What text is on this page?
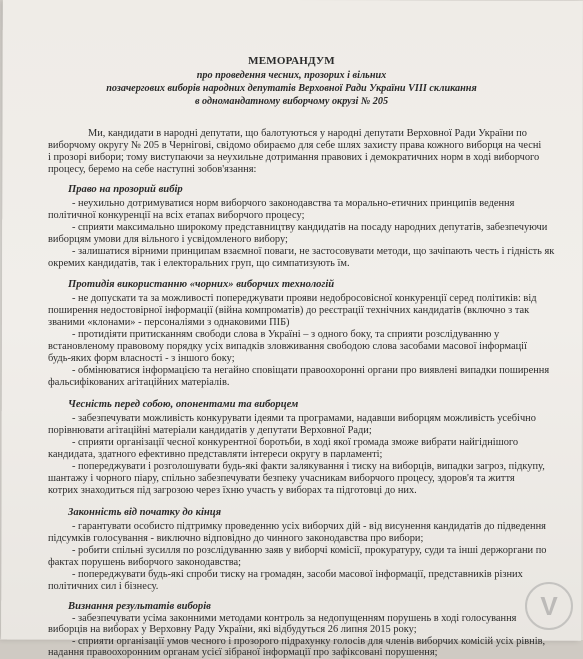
МЕМОРАНДУМ
про проведення чесних, прозорих і вільних
позачергових виборів народних депутатів Верховної Ради України VIII скликання
в одномандатному виборчому окрузі № 205
Ми, кандидати в народні депутати, що балотуються у народні депутати Верховної Ради України по
виборчому округу № 205 в Чернігові, свідомо обираємо для себе шлях захисту права кожного виборця на чесні
і прозорі вибори; тому виступаючи за неухильне дотримання правових і демократичних норм в ході виборчого
процесу, беремо на себе наступні зобов'язання:
Право на прозорий вибір
- неухильно дотримуватися норм виборчого законодавства та морально-етичних принципів ведення
політичної конкуренції на всіх етапах виборчого процесу;
- сприяти максимально широкому представництву кандидатів на посаду народних депутатів, забезпечуючи
виборцям умови для вільного і усвідомленого вибору;
- залишатися вірними принципам взаємної поваги, не застосовувати методи, що зачіпають честь і гідність як
окремих кандидатів, так і електоральних груп, що симпатизують їм.
Протидія використанню «чорних» виборчих технологій
- не допускати та за можливості попереджувати прояви недобросовісної конкуренції серед політиків: від
поширення недостовірної інформації (війна компроматів) до реєстрації технічних кандидатів (включно з так
званими «клонами» - персоналіями з однаковими ПІБ)
- протидіяти притисканням свободи слова в Україні – з одного боку, та сприяти розслідуванню у
встановленому правовому порядку усіх випадків зловживання свободою слова засобами масової інформації
будь-яких форм власності - з іншого боку;
- обмінюватися інформацією та негайно сповіщати правоохоронні органи про виявлені випадки поширення
фальсифікованих агітаційних матеріалів.
Чесність перед собою, опонентами та виборцем
- забезпечувати можливість конкурувати ідеями та програмами, надавши виборцям можливість усебічно
порівнювати агітаційні матеріали кандидатів у депутати Верховної Ради;
- сприяти організації чесної конкурентної боротьби, в ході якої громада зможе вибрати найгіднішого
кандидата, здатного ефективно представляти інтереси округу в парламенті;
- попереджувати і розголошувати будь-які факти залякування і тиску на виборців, випадки загроз, підкупу,
шантажу і чорного піару, спільно забезпечувати безпеку учасникам виборчого процесу, здоров'я та життя
котрих знаходиться під загрозою через їхню участь у виборах та підготовці до них.
Законність від початку до кінця
- гарантувати особисто підтримку проведенню усіх виборчих дій - від висунення кандидатів до підведення
підсумків голосування - виключно відповідно до чинного законодавства про вибори;
- робити спільні зусилля по розслідуванню заяв у виборчі комісії, прокуратуру, суди та інші держоргани по
фактах порушень виборчого законодавства;
- попереджувати будь-які спроби тиску на громадян, засоби масової інформації, представників різних
політичних сил і бізнесу.
Визнання результатів виборів
- забезпечувати усіма законними методами контроль за недопущенням порушень в ході голосування
виборців на виборах у Верховну Раду України, які відбудуться 26 липня 2015 року;
- сприяти організації умов чесного і прозорого підрахунку голосів для членів виборчих комісій усіх рівнів,
надання правоохоронним органам усієї зібраної інформації про зафіксовані порушення;
V
